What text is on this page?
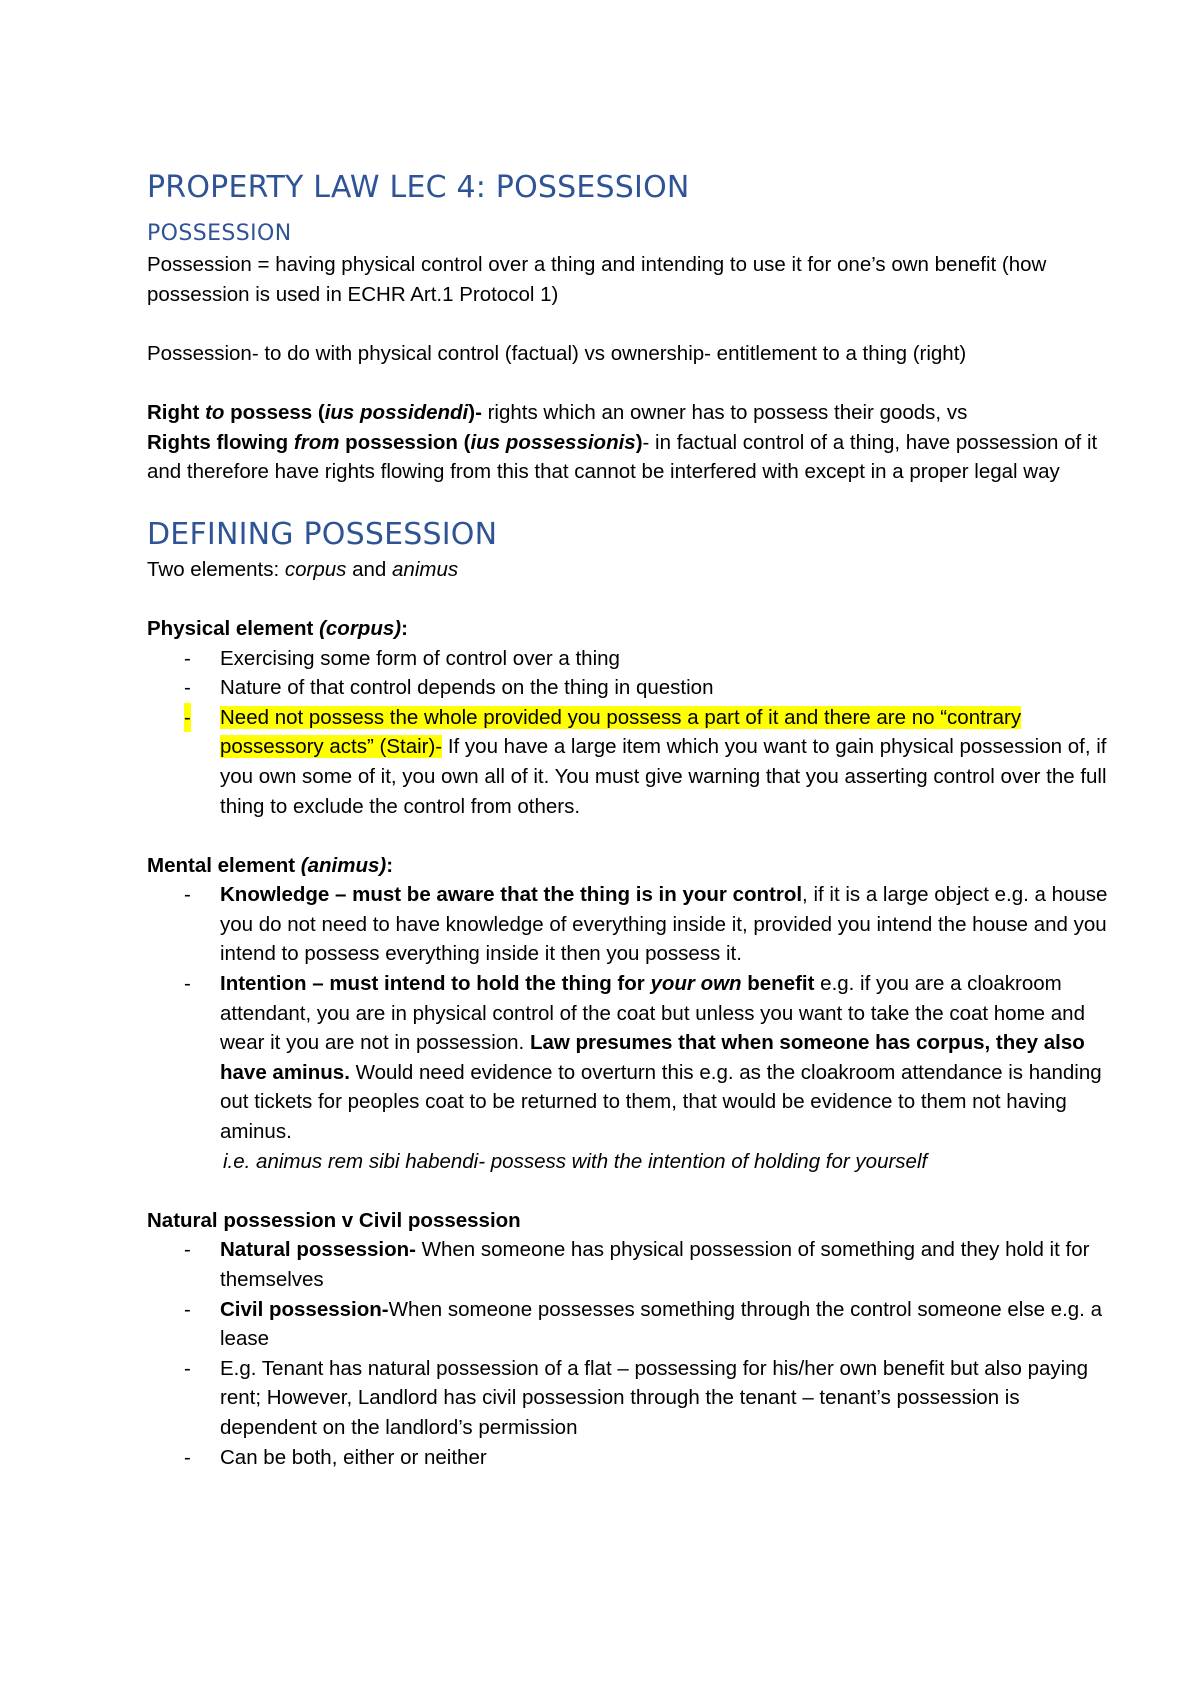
PROPERTY LAW LEC 4: POSSESSION
POSSESSION

Possession = having physical control over a thing and intending to use it for one’s own benefit (how possession is used in ECHR Art.1 Protocol 1)

Possession- to do with physical control (factual) vs ownership- entitlement to a thing (right)

Right to possess (ius possidendi)- rights which an owner has to possess their goods, vs
Rights flowing from possession (ius possessionis)- in factual control of a thing, have possession of it and therefore have rights flowing from this that cannot be interfered with except in a proper legal way

DEFINING POSSESSION

Two elements: corpus and animus

Physical element (corpus):

- Exercising some form of control over a thing
- Nature of that control depends on the thing in question
- Need not possess the whole provided you possess a part of it and there are no “contrary possessory acts” (Stair)- If you have a large item which you want to gain physical possession of, if you own some of it, you own all of it. You must give warning that you asserting control over the full thing to exclude the control from others.

Mental element (animus):

- Knowledge – must be aware that the thing is in your control, if it is a large object e.g. a house you do not need to have knowledge of everything inside it, provided you intend the house and you intend to possess everything inside it then you possess it.
- Intention – must intend to hold the thing for your own benefit e.g. if you are a cloakroom attendant, you are in physical control of the coat but unless you want to take the coat home and wear it you are not in possession. Law presumes that when someone has corpus, they also have aminus. Would need evidence to overturn this e.g. as the cloakroom attendance is handing out tickets for peoples coat to be returned to them, that would be evidence to them not having aminus.

i.e. animus rem sibi habendi- possess with the intention of holding for yourself

Natural possession v Civil possession

- Natural possession- When someone has physical possession of something and they hold it for themselves
- Civil possession-When someone possesses something through the control someone else e.g. a lease
- E.g. Tenant has natural possession of a flat – possessing for his/her own benefit but also paying rent; However, Landlord has civil possession through the tenant – tenant’s possession is dependent on the landlord’s permission
- Can be both, either or neither
